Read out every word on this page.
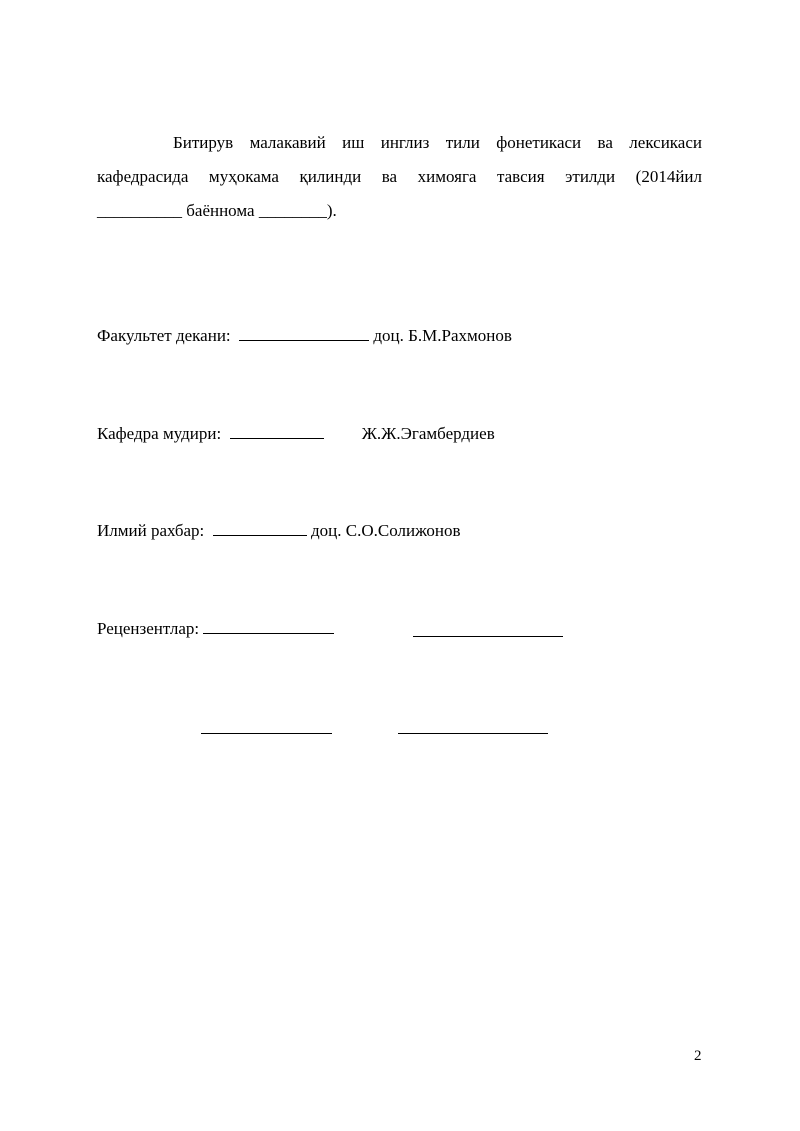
Битирув малакавий иш инглиз тили фонетикаси ва лексикаси
кафедрасида муҳокама қилинди ва химояга тавсия этилди (2014йил
__________ баённома ________).

Факультет декани:	доц. Б.М.Рахмонов
Кафедра мудири:	Ж.Ж.Эгамбердиев
Илмий рахбар:	доц. С.О.Солижонов
Рецензентлар:
2
